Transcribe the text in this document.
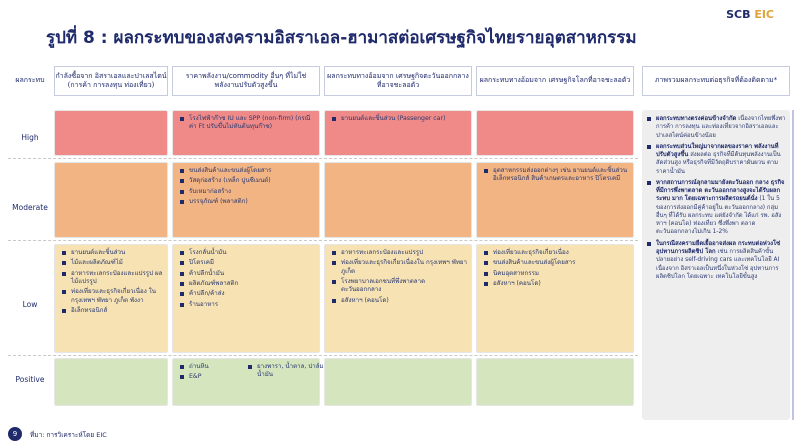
รูปที่ 8 : ผลกระทบของสงครามอิสราเอล-ฮามาสต่อเศรษฐกิจไทยรายอุตสาหกรรม
SCB EIC
ผลกระทบ
กำลังซื้อจาก อิสราเอลและปาเลสไตน์ (การค้า การลงทุน ท่องเที่ยว)
ราคาพลังงาน/commodity อื่นๆ ที่ไม่ใช่ พลังงานปรับตัวสูงขึ้น
ผลกระทบทางอ้อมจาก เศรษฐกิจตะวันออกกลางที่อาจชะลอตัว
ผลกระทบทางอ้อมจาก เศรษฐกิจโลกที่อาจชะลอตัว	ภาพรวมผลกระทบต่อธุรกิจที่ต้องติดตาม*
High
Moderate
Low
Positive
โรงไฟฟ้าก๊าซ IU และ SPP (non-firm) (กรณีค่า Ft ปรับขึ้นไม่ทันต้นทุนก๊าซ)
ยานยนต์และชิ้นส่วน (Passenger car)
ขนส่งสินค้าและขนส่งผู้โดยสาร
วัสดุก่อสร้าง (เหล็ก ปูนซีเมนต์)
รับเหมาก่อสร้าง
บรรจุภัณฑ์ (พลาสติก)
อุตสาหกรรมส่งออกต่างๆ เช่น ยานยนต์และชิ้นส่วน อิเล็กทรอนิกส์ สินค้าเกษตรและอาหาร ปิโตรเคมี
ยานยนต์และชิ้นส่วน
ไม้และผลิตภัณฑ์ไม้
อาหารทะเลกระป๋องและแปรรูป ผลไม้แปรรูป
ท่องเที่ยวและธุรกิจเกี่ยวเนื่อง ในกรุงเทพฯ พัทยา ภูเก็ต พังงา
อิเล็กทรอนิกส์
โรงกลั่นน้ำมัน
ปิโตรเคมี
ค้าปลีกน้ำมัน
ผลิตภัณฑ์พลาสติก
ค้าปลีก/ค้าส่ง
ร้านอาหาร
อาหารทะเลกระป๋องและแปรรูป
ท่องเที่ยวและธุรกิจเกี่ยวเนื่องใน กรุงเทพฯ พัทยา ภูเก็ต
โรงพยาบาลเอกชนที่พึ่งพาตลาด ตะวันออกกลาง
อสังหาฯ (คอนโด)
ท่องเที่ยวและธุรกิจเกี่ยวเนื่อง
ขนส่งสินค้าและขนส่งผู้โดยสาร
นิคมอุตสาหกรรม
อสังหาฯ (คอนโด)
ถ่านหิน
E&P
ยางพารา, น้ำตาล, ปาล์มน้ำมัน
ผลกระทบทางตรงค่อนข้างจำกัด เนื่องจากไทยพึ่งพาการค้า การลงทุน และท่องเที่ยวจากอิสราเอลและ ปาเลสไตน์ค่อนข้างน้อย
ผลกระทบส่วนใหญ่มาจากผลของราคา พลังงานที่ปรับตัวสูงขึ้น ส่งผลต่อ ธุรกิจที่มีต้นทุนพลังงานเป็นสัดส่วนสูง หรือธุรกิจที่มีวัตถุดิบราคาผันผวน ตามราคาน้ำมัน
หากสถานการณ์ลุกลามมายังตะวันออก กลาง ธุรกิจที่มีการพึ่งพาตลาด ตะวันออกกลางสูงจะได้รับผลกระทบ มาก โดยเฉพาะการผลิตรถยนต์นั่ง (1 ใน 5 ของการส่งออกมีคู่ค้าอยู่ใน ตะวันออกกลาง) กลุ่มอื่นๆ ที่ได้รับ ผลกระทบ แต่ยังจำกัด ได้แก่ รพ. อสังหาฯ (คอนโด) ท่องเที่ยว ซึ่งพึ่งพา ตลาดตะวันออกกลางไม่เกิน 1-2%
ในกรณีสงครามยืดเยื้ออาจส่งผล กระทบต่อห่วงโซ่อุปทานการผลิตชิป โลก เช่น การผลิตสินค้าขั้นปลายอย่าง self-driving cars และเทคโนโลยี AI เนื่องจาก อิสราเอลเป็นหนึ่งในห่วงโซ่ อุปทานการผลิตชิปโลก โดยเฉพาะ เทคโนโลยีขั้นสูง
9	ที่มา: การวิเคราะห์โดย EIC
